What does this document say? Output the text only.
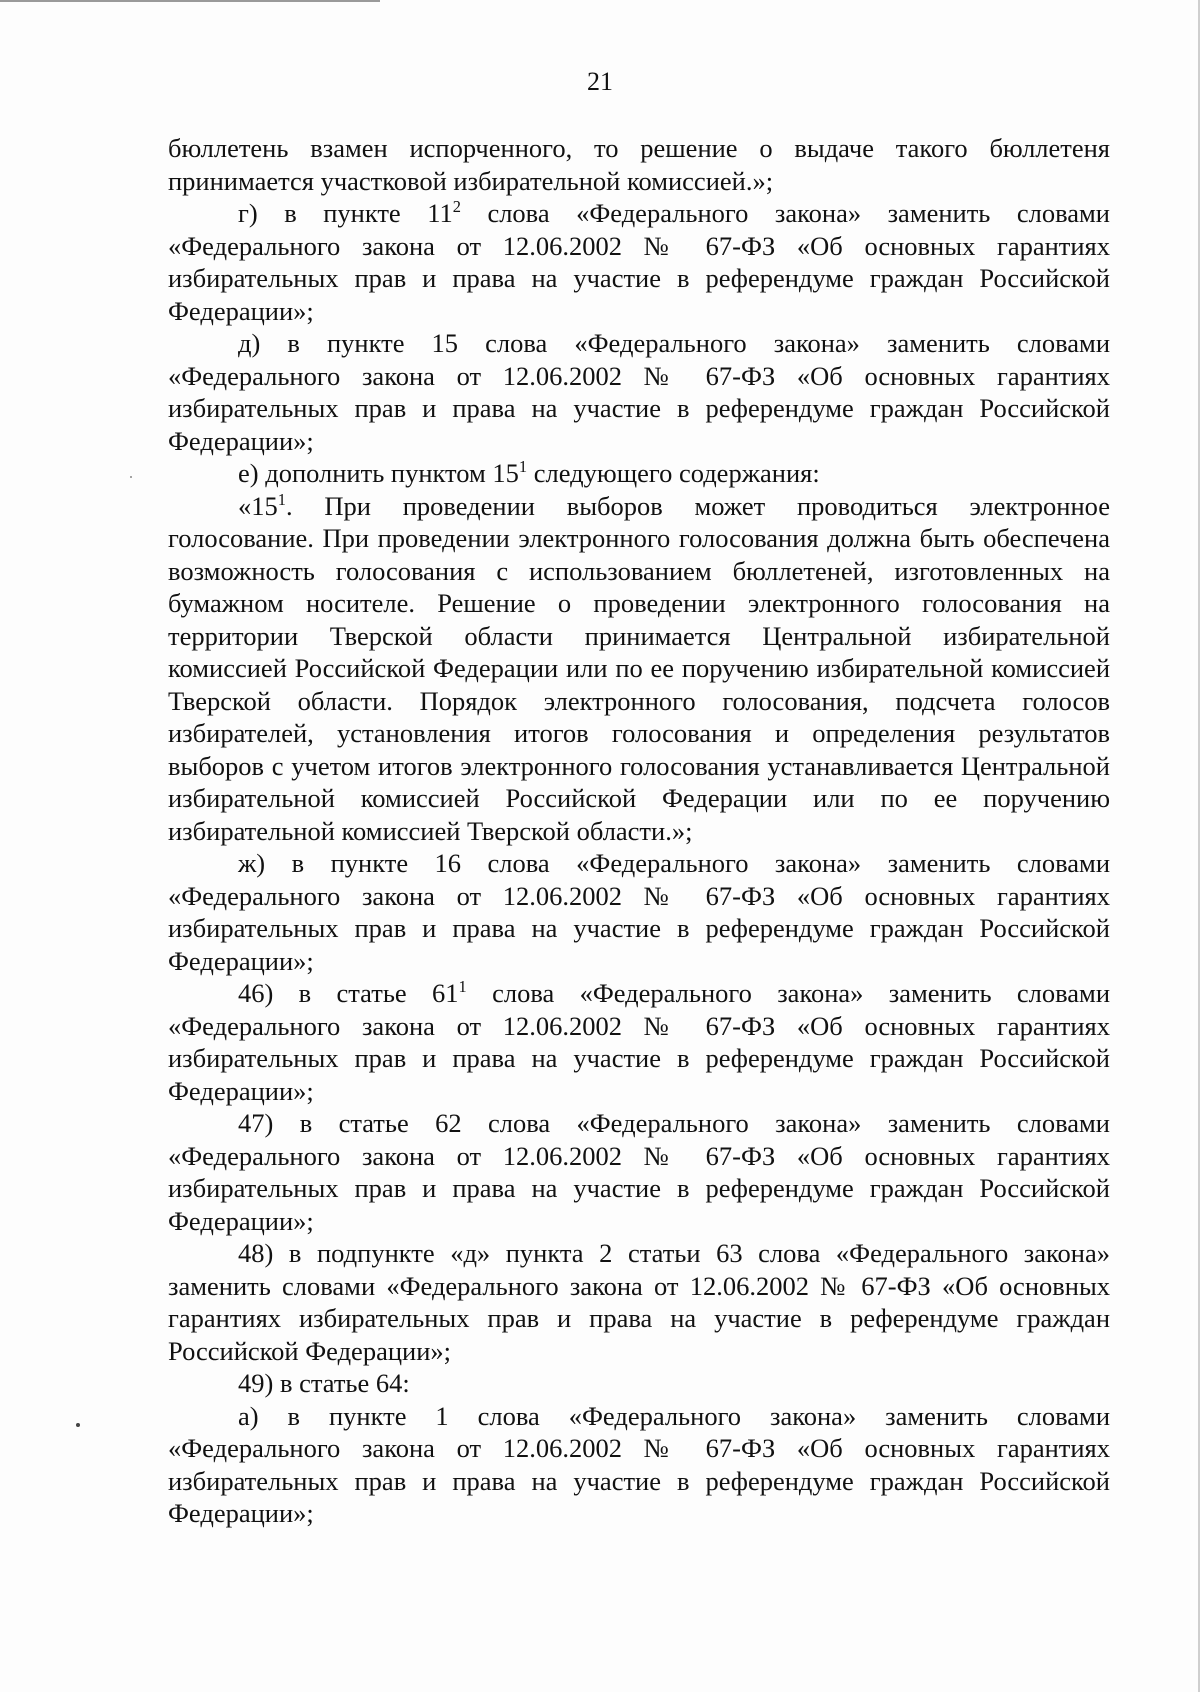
21

бюллетень взамен испорченного, то решение о выдаче такого бюллетеня принимается участковой избирательной комиссией.»;

г) в пункте $11^2$ слова «Федерального закона» заменить словами «Федерального закона от 12.06.2002 № 67-ФЗ «Об основных гарантиях избирательных прав и права на участие в референдуме граждан Российской Федерации»;

д) в пункте 15 слова «Федерального закона» заменить словами «Федерального закона от 12.06.2002 № 67-ФЗ «Об основных гарантиях избирательных прав и права на участие в референдуме граждан Российской Федерации»;

е) дополнить пунктом $15^1$ следующего содержания:

«$15^1$. При проведении выборов может проводиться электронное голосование. При проведении электронного голосования должна быть обеспечена возможность голосования с использованием бюллетеней, изготовленных на бумажном носителе. Решение о проведении электронного голосования на территории Тверской области принимается Центральной избирательной комиссией Российской Федерации или по ее поручению избирательной комиссией Тверской области. Порядок электронного голосования, подсчета голосов избирателей, установления итогов голосования и определения результатов выборов с учетом итогов электронного голосования устанавливается Центральной избирательной комиссией Российской Федерации или по ее поручению избирательной комиссией Тверской области.»;

ж) в пункте 16 слова «Федерального закона» заменить словами «Федерального закона от 12.06.2002 № 67-ФЗ «Об основных гарантиях избирательных прав и права на участие в референдуме граждан Российской Федерации»;

46) в статье $61^1$ слова «Федерального закона» заменить словами «Федерального закона от 12.06.2002 № 67-ФЗ «Об основных гарантиях избирательных прав и права на участие в референдуме граждан Российской Федерации»;

47) в статье 62 слова «Федерального закона» заменить словами «Федерального закона от 12.06.2002 № 67-ФЗ «Об основных гарантиях избирательных прав и права на участие в референдуме граждан Российской Федерации»;

48) в подпункте «д» пункта 2 статьи 63 слова «Федерального закона» заменить словами «Федерального закона от 12.06.2002 № 67-ФЗ «Об основных гарантиях избирательных прав и права на участие в референдуме граждан Российской Федерации»;

49) в статье 64:

а) в пункте 1 слова «Федерального закона» заменить словами «Федерального закона от 12.06.2002 № 67-ФЗ «Об основных гарантиях избирательных прав и права на участие в референдуме граждан Российской Федерации»;
